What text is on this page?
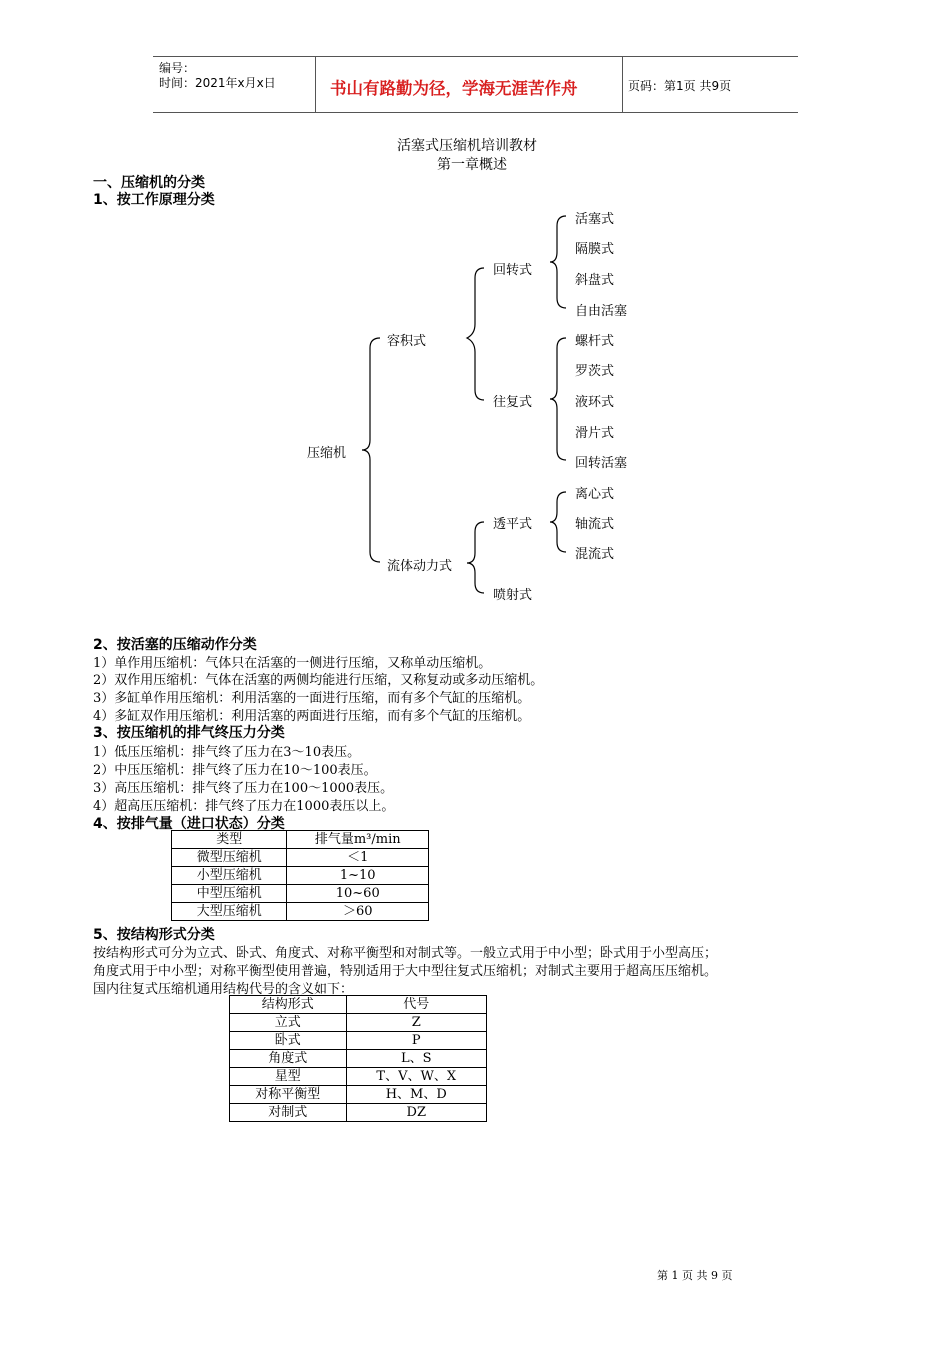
编号：
时间：2021年x月x日	书山有路勤为径，学海无涯苦作舟	页码：第1页 共9页
活塞式压缩机培训教材
第一章概述
一、压缩机的分类
1、按工作原理分类
压缩机
容积式
流体动力式
回转式
往复式
透平式
喷射式
活塞式
隔膜式
斜盘式
自由活塞
螺杆式
罗茨式
液环式
滑片式
回转活塞
离心式
轴流式
混流式
2、按活塞的压缩动作分类
1）单作用压缩机：气体只在活塞的一侧进行压缩，又称单动压缩机。
2）双作用压缩机：气体在活塞的两侧均能进行压缩，又称复动或多动压缩机。
3）多缸单作用压缩机：利用活塞的一面进行压缩，而有多个气缸的压缩机。
4）多缸双作用压缩机：利用活塞的两面进行压缩，而有多个气缸的压缩机。
3、按压缩机的排气终压力分类
1）低压压缩机：排气终了压力在3～10表压。
2）中压压缩机：排气终了压力在10～100表压。
3）高压压缩机：排气终了压力在100～1000表压。
4）超高压压缩机：排气终了压力在1000表压以上。
4、按排气量（进口状态）分类
类型	排气量m³/min
微型压缩机	＜1
小型压缩机	1~10
中型压缩机	10~60
大型压缩机	＞60
5、按结构形式分类
按结构形式可分为立式、卧式、角度式、对称平衡型和对制式等。一般立式用于中小型；卧式用于小型高压；
角度式用于中小型；对称平衡型使用普遍，特别适用于大中型往复式压缩机；对制式主要用于超高压压缩机。
国内往复式压缩机通用结构代号的含义如下：
结构形式	代号
立式	Z
卧式	P
角度式	L、S
星型	T、V、W、X
对称平衡型	H、M、D
对制式	DZ
第 1 页 共 9 页
